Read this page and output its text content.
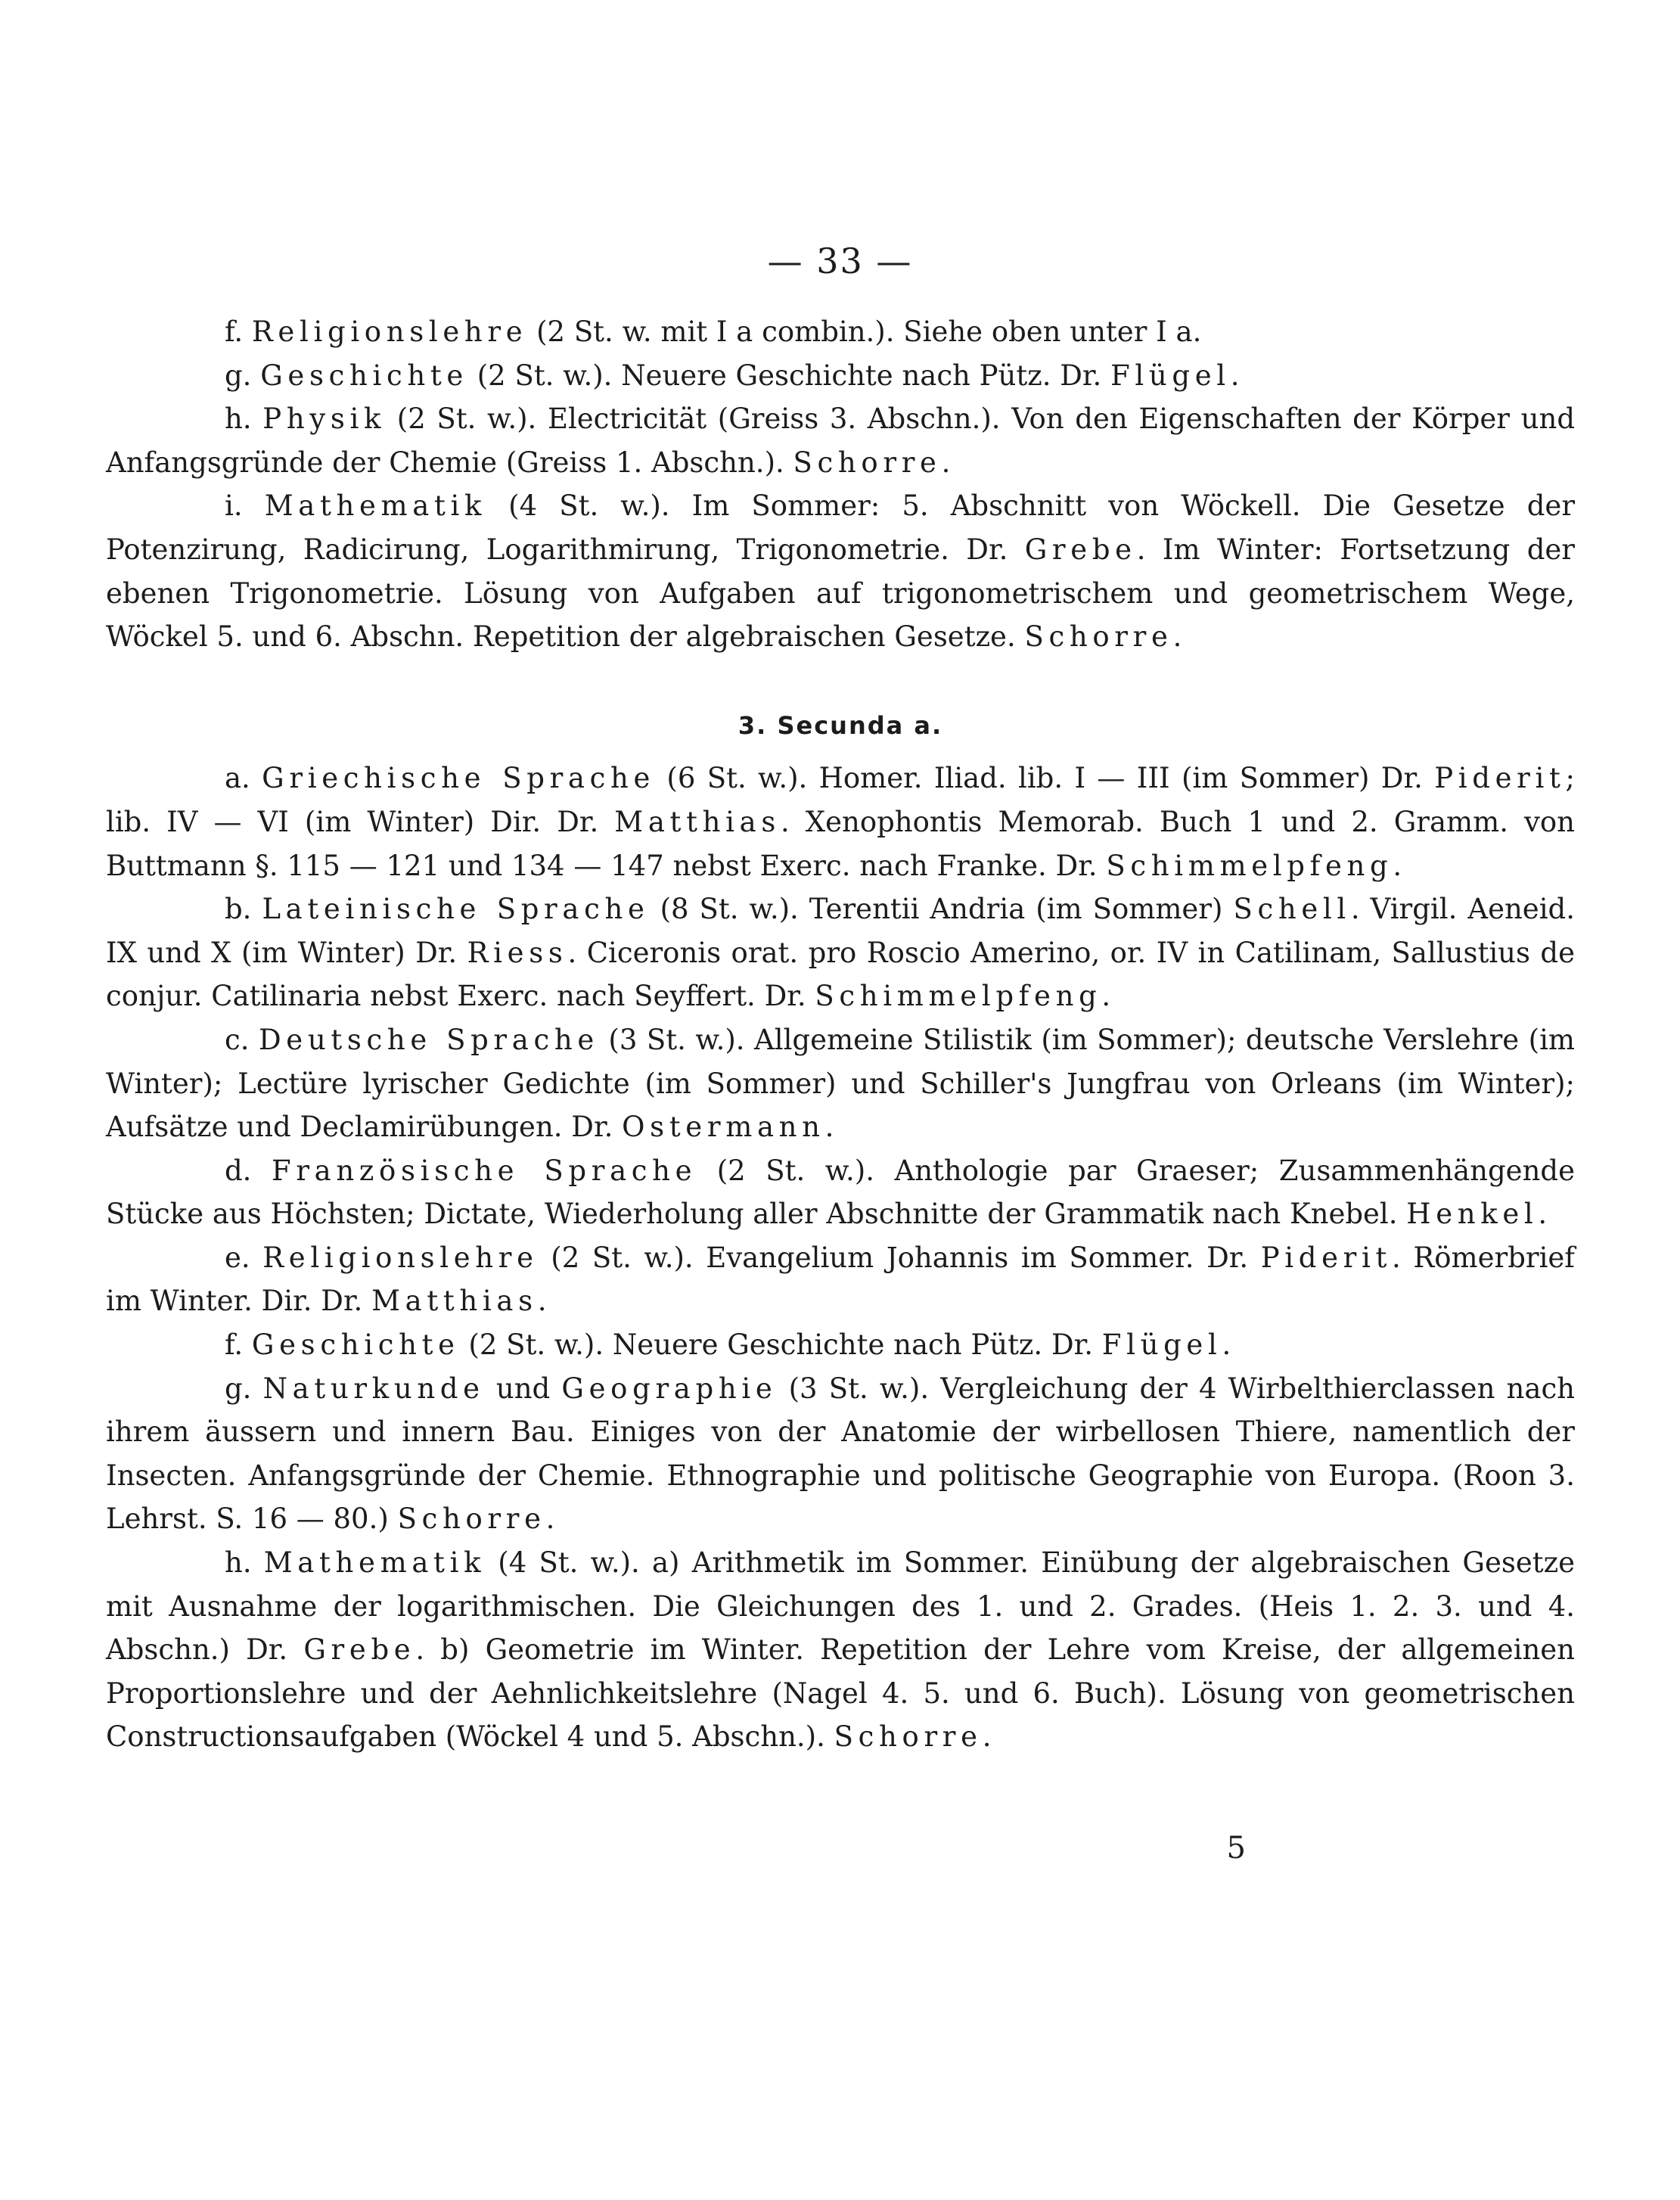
— 33 —

f. Religionslehre (2 St. w. mit I a combin.). Siehe oben unter I a.

g. Geschichte (2 St. w.). Neuere Geschichte nach Pütz. Dr. Flügel.

h. Physik (2 St. w.). Electricität (Greiss 3. Abschn.). Von den Eigenschaften der Körper und Anfangsgründe der Chemie (Greiss 1. Abschn.). Schorre.

i. Mathematik (4 St. w.). Im Sommer: 5. Abschnitt von Wöckell. Die Gesetze der Potenzirung, Radicirung, Logarithmirung, Trigonometrie. Dr. Grebe. Im Winter: Fortsetzung der ebenen Trigonometrie. Lösung von Aufgaben auf trigonometrischem und geometrischem Wege, Wöckel 5. und 6. Abschn. Repetition der algebraischen Gesetze. Schorre.

3. Secunda a.

a. Griechische Sprache (6 St. w.). Homer. Iliad. lib. I — III (im Sommer) Dr. Piderit; lib. IV — VI (im Winter) Dir. Dr. Matthias. Xenophontis Memorab. Buch 1 und 2. Gramm. von Buttmann §. 115 — 121 und 134 — 147 nebst Exerc. nach Franke. Dr. Schimmelpfeng.

b. Lateinische Sprache (8 St. w.). Terentii Andria (im Sommer) Schell. Virgil. Aeneid. IX und X (im Winter) Dr. Riess. Ciceronis orat. pro Roscio Amerino, or. IV in Catilinam, Sallustius de conjur. Catilinaria nebst Exerc. nach Seyffert. Dr. Schimmelpfeng.

c. Deutsche Sprache (3 St. w.). Allgemeine Stilistik (im Sommer); deutsche Verslehre (im Winter); Lectüre lyrischer Gedichte (im Sommer) und Schiller's Jungfrau von Orleans (im Winter); Aufsätze und Declamirübungen. Dr. Ostermann.

d. Französische Sprache (2 St. w.). Anthologie par Graeser; Zusammenhängende Stücke aus Höchsten; Dictate, Wiederholung aller Abschnitte der Grammatik nach Knebel. Henkel.

e. Religionslehre (2 St. w.). Evangelium Johannis im Sommer. Dr. Piderit. Römerbrief im Winter. Dir. Dr. Matthias.

f. Geschichte (2 St. w.). Neuere Geschichte nach Pütz. Dr. Flügel.

g. Naturkunde und Geographie (3 St. w.). Vergleichung der 4 Wirbelthierclassen nach ihrem äussern und innern Bau. Einiges von der Anatomie der wirbellosen Thiere, namentlich der Insecten. Anfangsgründe der Chemie. Ethnographie und politische Geographie von Europa. (Roon 3. Lehrst. S. 16 — 80.) Schorre.

h. Mathematik (4 St. w.). a) Arithmetik im Sommer. Einübung der algebraischen Gesetze mit Ausnahme der logarithmischen. Die Gleichungen des 1. und 2. Grades. (Heis 1. 2. 3. und 4. Abschn.) Dr. Grebe. b) Geometrie im Winter. Repetition der Lehre vom Kreise, der allgemeinen Proportionslehre und der Aehnlichkeitslehre (Nagel 4. 5. und 6. Buch). Lösung von geometrischen Constructionsaufgaben (Wöckel 4 und 5. Abschn.). Schorre.

5
